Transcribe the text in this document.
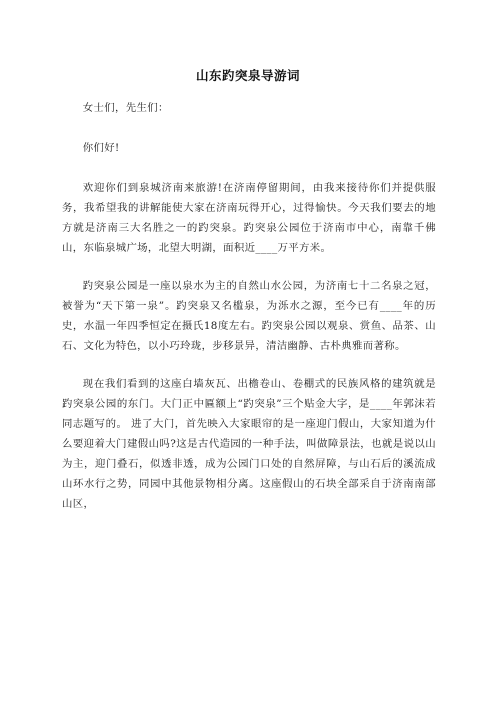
山东趵突泉导游词

女士们，先生们：

你们好!

欢迎你们到泉城济南来旅游!在济南停留期间，由我来接待你们并提供服务，我希望我的讲解能使大家在济南玩得开心，过得愉快。今天我们要去的地方就是济南三大名胜之一的趵突泉。趵突泉公园位于济南市中心，南靠千佛山，东临泉城广场，北望大明湖，面积近____万平方米。

趵突泉公园是一座以泉水为主的自然山水公园，为济南七十二名泉之冠，被誉为“天下第一泉”。趵突泉又名槛泉，为泺水之源，至今已有____年的历史，水温一年四季恒定在摄氏18度左右。趵突泉公园以观泉、赏鱼、品茶、山石、文化为特色，以小巧玲珑，步移景异，清洁幽静、古朴典雅而著称。

现在我们看到的这座白墙灰瓦、出檐卷山、卷棚式的民族风格的建筑就是趵突泉公园的东门。大门正中匾额上“趵突泉”三个贴金大字，是____年郭沫若同志题写的。 进了大门，首先映入大家眼帘的是一座迎门假山，大家知道为什么要迎着大门建假山吗?这是古代造园的一种手法，叫做障景法，也就是说以山为主，迎门叠石，似透非透，成为公园门口处的自然屏障，与山石后的溪流成山环水行之势，同园中其他景物相分离。这座假山的石块全部采自于济南南部山区，
